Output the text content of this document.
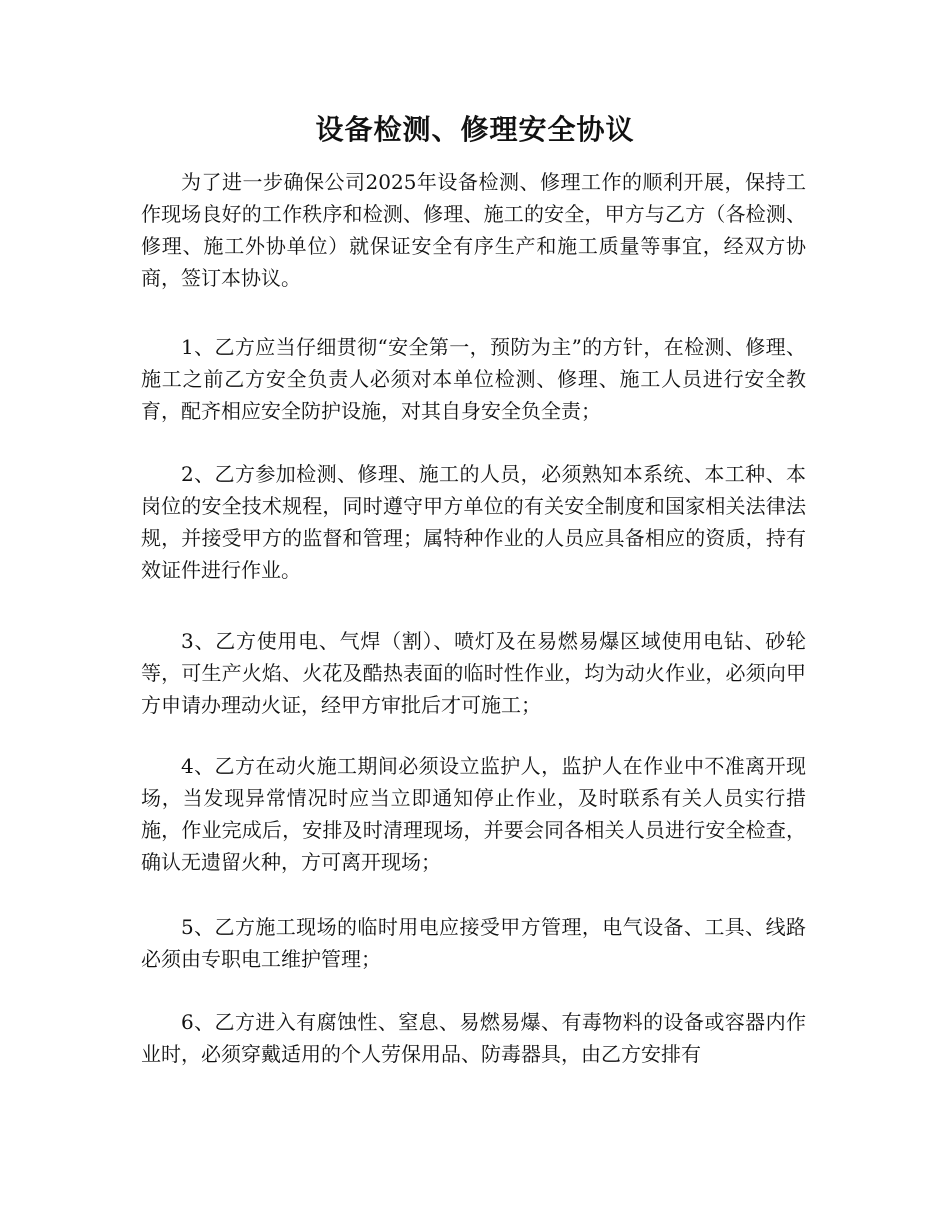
设备检测、修理安全协议
为了进一步确保公司2025年设备检测、修理工作的顺利开展，保持工作现场良好的工作秩序和检测、修理、施工的安全，甲方与乙方（各检测、修理、施工外协单位）就保证安全有序生产和施工质量等事宜，经双方协商，签订本协议。
1、乙方应当仔细贯彻“安全第一，预防为主”的方针，在检测、修理、施工之前乙方安全负责人必须对本单位检测、修理、施工人员进行安全教育，配齐相应安全防护设施，对其自身安全负全责；
2、乙方参加检测、修理、施工的人员，必须熟知本系统、本工种、本岗位的安全技术规程，同时遵守甲方单位的有关安全制度和国家相关法律法规，并接受甲方的监督和管理；属特种作业的人员应具备相应的资质，持有效证件进行作业。
3、乙方使用电、气焊（割）、喷灯及在易燃易爆区域使用电钻、砂轮等，可生产火焰、火花及酷热表面的临时性作业，均为动火作业，必须向甲方申请办理动火证，经甲方审批后才可施工；
4、乙方在动火施工期间必须设立监护人，监护人在作业中不准离开现场，当发现异常情况时应当立即通知停止作业，及时联系有关人员实行措施，作业完成后，安排及时清理现场，并要会同各相关人员进行安全检查，确认无遗留火种，方可离开现场；
5、乙方施工现场的临时用电应接受甲方管理，电气设备、工具、线路必须由专职电工维护管理；
6、乙方进入有腐蚀性、窒息、易燃易爆、有毒物料的设备或容器内作业时，必须穿戴适用的个人劳保用品、防毒器具，由乙方安排有
